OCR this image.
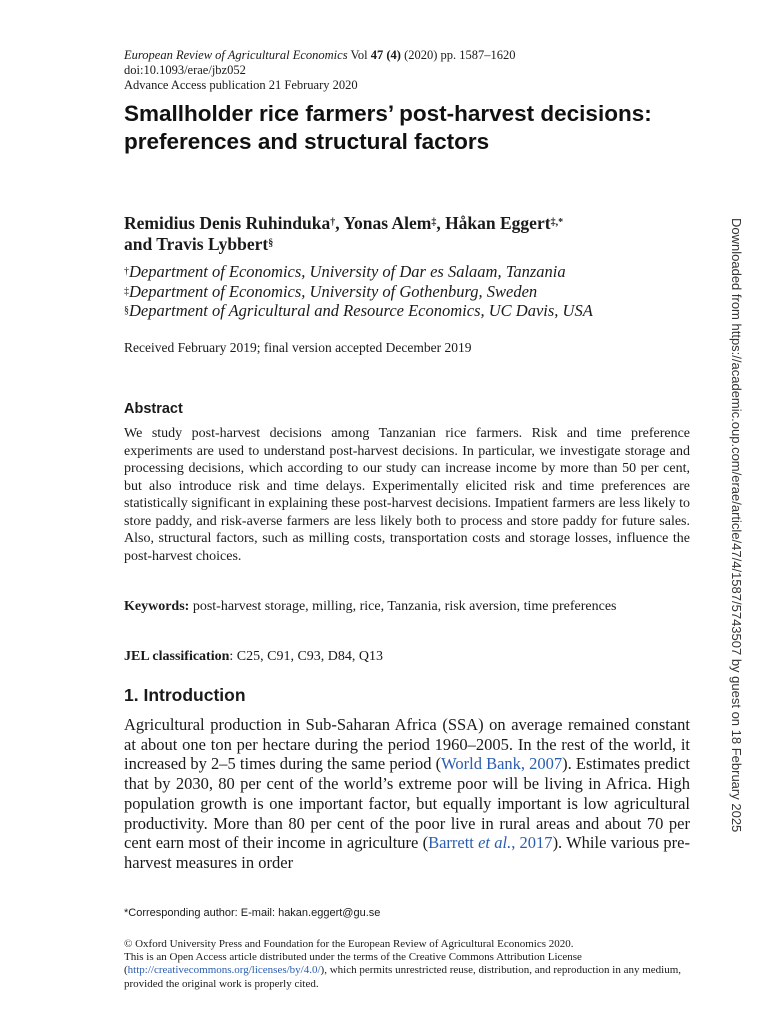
European Review of Agricultural Economics Vol 47 (4) (2020) pp. 1587–1620
doi:10.1093/erae/jbz052
Advance Access publication 21 February 2020
Smallholder rice farmers’ post-harvest decisions: preferences and structural factors
Remidius Denis Ruhinduka†, Yonas Alem‡, Håkan Eggert‡,*
and Travis Lybbert§
†Department of Economics, University of Dar es Salaam, Tanzania
‡Department of Economics, University of Gothenburg, Sweden
§Department of Agricultural and Resource Economics, UC Davis, USA
Received February 2019; final version accepted December 2019
Abstract
We study post-harvest decisions among Tanzanian rice farmers. Risk and time preference experiments are used to understand post-harvest decisions. In particular, we investigate storage and processing decisions, which according to our study can increase income by more than 50 per cent, but also introduce risk and time delays. Experimentally elicited risk and time preferences are statistically significant in explaining these post-harvest decisions. Impatient farmers are less likely to store paddy, and risk-averse farmers are less likely both to process and store paddy for future sales. Also, structural factors, such as milling costs, transportation costs and storage losses, influence the post-harvest choices.
Keywords: post-harvest storage, milling, rice, Tanzania, risk aversion, time preferences
JEL classification: C25, C91, C93, D84, Q13
1. Introduction
Agricultural production in Sub-Saharan Africa (SSA) on average remained constant at about one ton per hectare during the period 1960–2005. In the rest of the world, it increased by 2–5 times during the same period (World Bank, 2007). Estimates predict that by 2030, 80 per cent of the world’s extreme poor will be living in Africa. High population growth is one important factor, but equally important is low agricultural productivity. More than 80 per cent of the poor live in rural areas and about 70 per cent earn most of their income in agriculture (Barrett et al., 2017). While various pre-harvest measures in order
*Corresponding author: E-mail: hakan.eggert@gu.se
© Oxford University Press and Foundation for the European Review of Agricultural Economics 2020.
This is an Open Access article distributed under the terms of the Creative Commons Attribution License (http://creativecommons.org/licenses/by/4.0/), which permits unrestricted reuse, distribution, and reproduction in any medium, provided the original work is properly cited.
Downloaded from https://academic.oup.com/erae/article/47/4/1587/5743507 by guest on 18 February 2025
